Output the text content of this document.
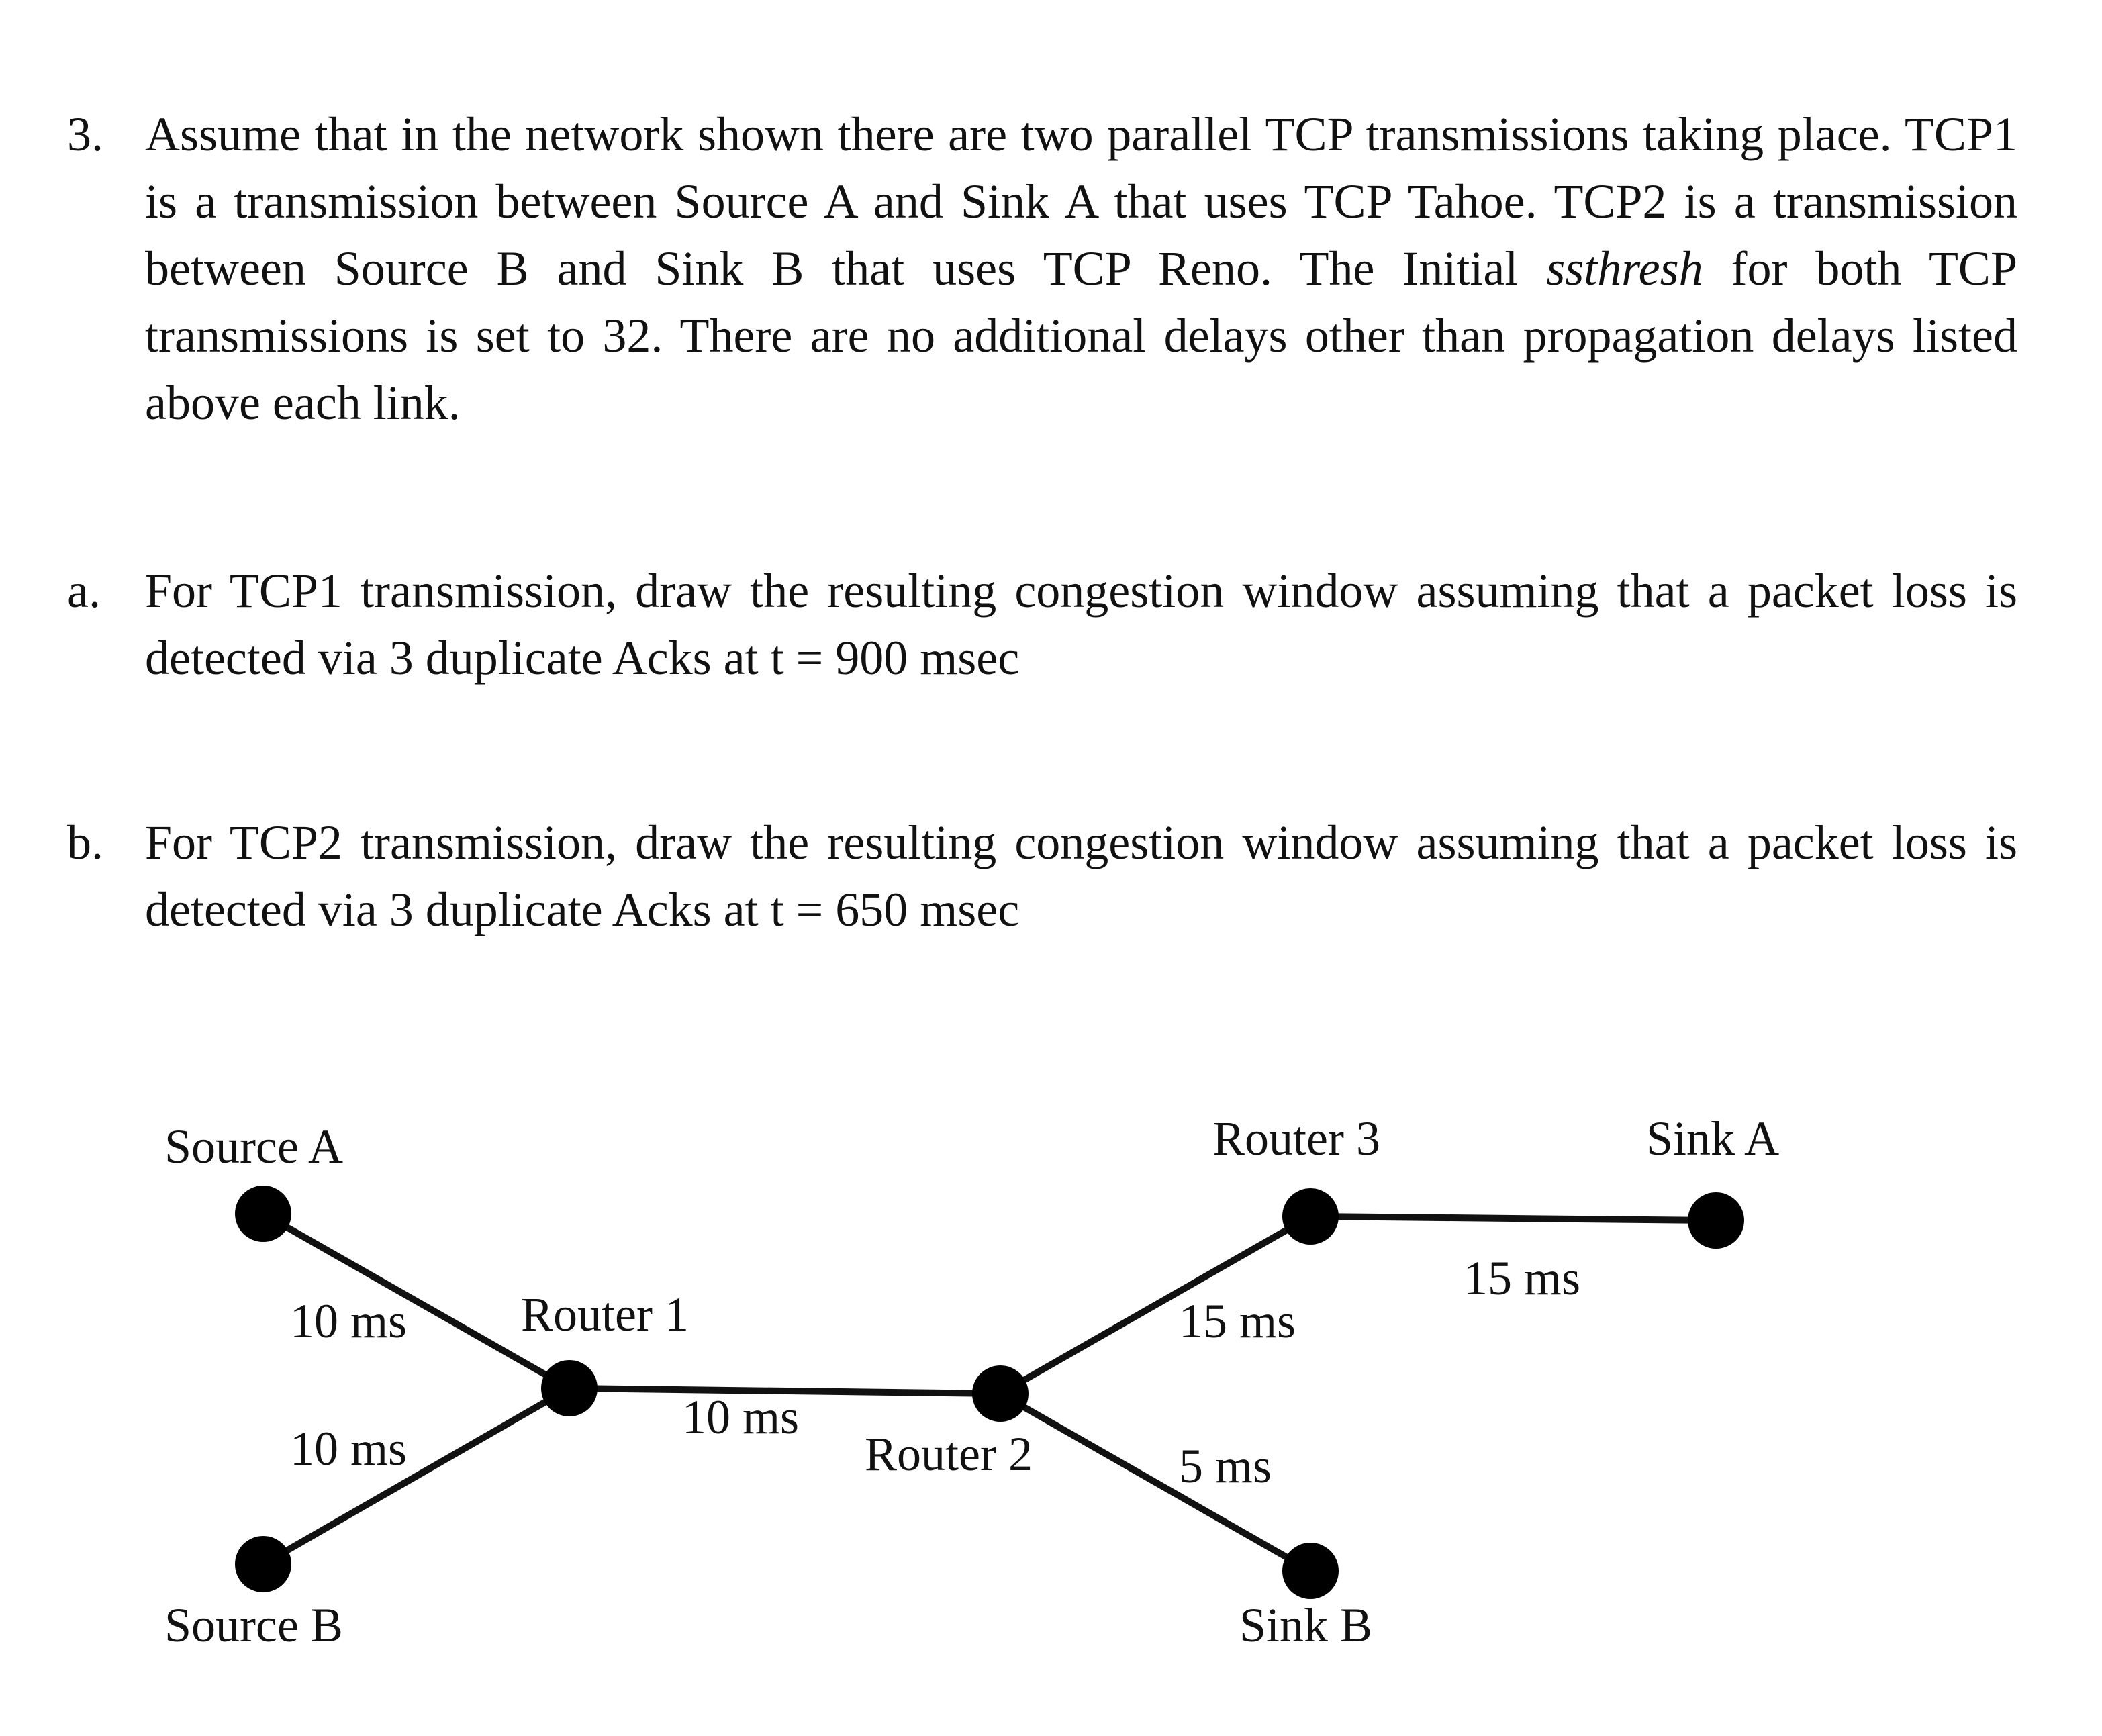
3. Assume that in the network shown there are two parallel TCP transmissions taking place. TCP1 is a transmission between Source A and Sink A that uses TCP Tahoe. TCP2 is a transmission between Source B and Sink B that uses TCP Reno. The Initial ssthresh for both TCP transmissions is set to 32. There are no additional delays other than propagation delays listed above each link.
a. For TCP1 transmission, draw the resulting congestion window assuming that a packet loss is detected via 3 duplicate Acks at t = 900 msec
b. For TCP2 transmission, draw the resulting congestion window assuming that a packet loss is detected via 3 duplicate Acks at t = 650 msec
Source A
Source B
Router 1
Router 2
Router 3	Sink A
Sink B
10 ms
10 ms
10 ms
15 ms
5 ms
15 ms
